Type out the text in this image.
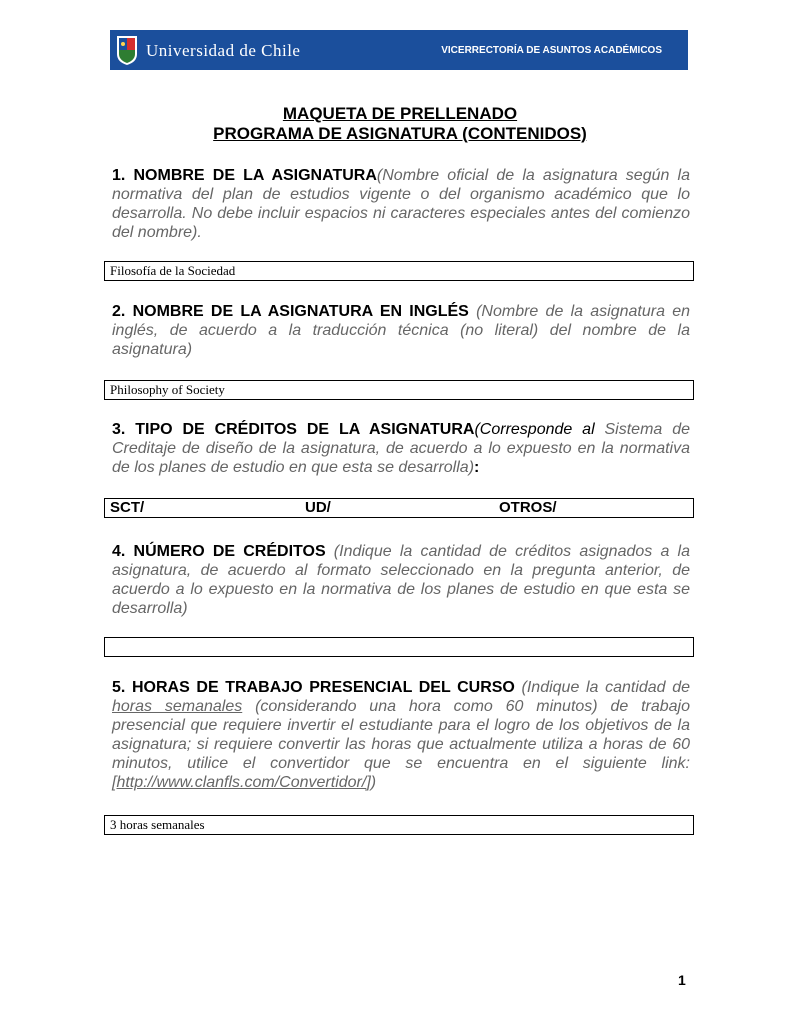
Universidad de Chile	VICERRECTORÍA DE ASUNTOS ACADÉMICOS
MAQUETA DE PRELLENADO
PROGRAMA DE ASIGNATURA (CONTENIDOS)
1. NOMBRE DE LA ASIGNATURA(Nombre oficial de la asignatura según la normativa del plan de estudios vigente o del organismo académico que lo desarrolla. No debe incluir espacios ni caracteres especiales antes del comienzo del nombre).
Filosofía de la Sociedad
2. NOMBRE DE LA ASIGNATURA EN INGLÉS (Nombre de la asignatura en inglés, de acuerdo a la traducción técnica (no literal) del nombre de la asignatura)
Philosophy of Society
3. TIPO DE CRÉDITOS DE LA ASIGNATURA(Corresponde al Sistema de Creditaje de diseño de la asignatura, de acuerdo a lo expuesto en la normativa de los planes de estudio en que esta se desarrolla):
SCT/	UD/	OTROS/
4. NÚMERO DE CRÉDITOS (Indique la cantidad de créditos asignados a la asignatura, de acuerdo al formato seleccionado en la pregunta anterior, de acuerdo a lo expuesto en la normativa de los planes de estudio en que esta se desarrolla)
5. HORAS DE TRABAJO PRESENCIAL DEL CURSO (Indique la cantidad de horas semanales (considerando una hora como 60 minutos) de trabajo presencial que requiere invertir el estudiante para el logro de los objetivos de la asignatura; si requiere convertir las horas que actualmente utiliza a horas de 60 minutos, utilice el convertidor que se encuentra en el siguiente link: [http://www.clanfls.com/Convertidor/])
3 horas semanales
1
